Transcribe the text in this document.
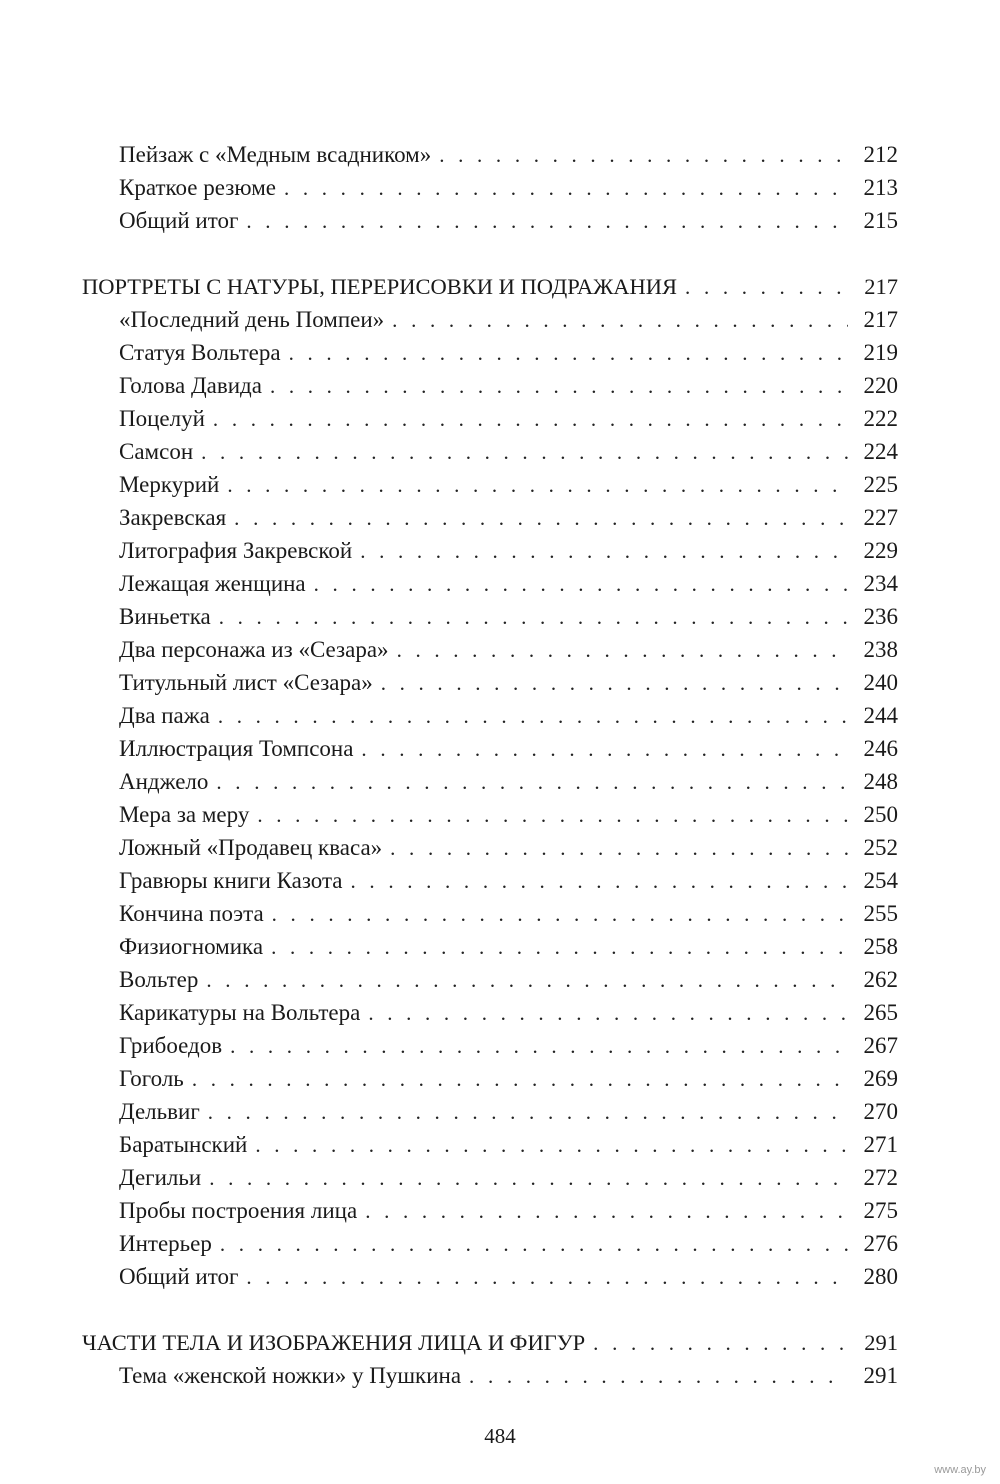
Пейзаж с «Медным всадником» . . .	212
Краткое резюме . . .	213
Общий итог . . .	215
ПОРТРЕТЫ С НАТУРЫ, ПЕРЕРИСОВКИ И ПОДРАЖАНИЯ . . .	217
«Последний день Помпеи» . . .	217
Статуя Вольтера . . .	219
Голова Давида . . .	220
Поцелуй . . .	222
Самсон . . .	224
Меркурий . . .	225
Закревская . . .	227
Литография Закревской . . .	229
Лежащая женщина . . .	234
Виньетка . . .	236
Два персонажа из «Сезара» . . .	238
Титульный лист «Сезара» . . .	240
Два пажа . . .	244
Иллюстрация Томпсона . . .	246
Анджело . . .	248
Мера за меру . . .	250
Ложный «Продавец кваса» . . .	252
Гравюры книги Казота . . .	254
Кончина поэта . . .	255
Физиогномика . . .	258
Вольтер . . .	262
Карикатуры на Вольтера . . .	265
Грибоедов . . .	267
Гоголь . . .	269
Дельвиг . . .	270
Баратынский . . .	271
Дегильи . . .	272
Пробы построения лица . . .	275
Интерьер . . .	276
Общий итог . . .	280
ЧАСТИ ТЕЛА И ИЗОБРАЖЕНИЯ ЛИЦА И ФИГУР . . .	291
Тема «женской ножки» у Пушкина . . .	291
484
www.ay.by
